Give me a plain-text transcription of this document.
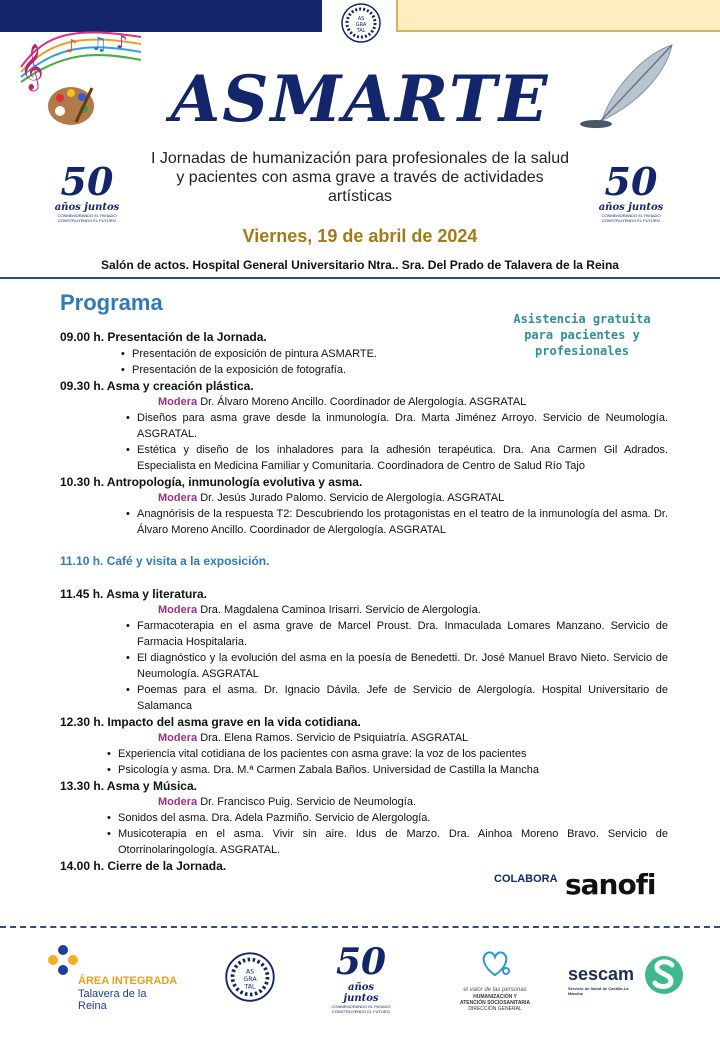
AS
GRA
TAL
𝄞 ♪ ♫ ♪
ASMARTE
50
años juntos
CONMEMORANDO EL PASADO
CONSTRUYENDO EL FUTURO
50
años juntos
CONMEMORANDO EL PASADO
CONSTRUYENDO EL FUTURO
I Jornadas de humanización para profesionales de la salud y pacientes con asma grave a través de actividades artísticas
Viernes, 19 de abril de 2024
Salón de actos. Hospital General Universitario Ntra.. Sra. Del Prado de Talavera de la Reina
Programa
Asistencia gratuita para pacientes y profesionales

09.00 h. Presentación de la Jornada.

• Presentación de exposición de pintura ASMARTE.
• Presentación de la exposición de fotografía.

09.30 h. Asma y creación plástica.

Modera Dr. Álvaro Moreno Ancillo. Coordinador de Alergología. ASGRATAL
• Diseños para asma grave desde la inmunología. Dra. Marta Jiménez Arroyo. Servicio de Neumología. ASGRATAL.
• Estética y diseño de los inhaladores para la adhesión terapéutica. Dra. Ana Carmen Gil Adrados. Especialista en Medicina Familiar y Comunitaria. Coordinadora de Centro de Salud Río Tajo

10.30 h. Antropología, inmunología evolutiva y asma.

Modera Dr. Jesús Jurado Palomo. Servicio de Alergología. ASGRATAL
• Anagnórisis de la respuesta T2: Descubriendo los protagonistas en el teatro de la inmunología del asma. Dr. Álvaro Moreno Ancillo. Coordinador de Alergología. ASGRATAL
11.10 h. Café y visita a la exposición.

11.45 h. Asma y literatura.

Modera Dra. Magdalena Caminoa Irisarri. Servicio de Alergología.
• Farmacoterapia en el asma grave de Marcel Proust. Dra. Inmaculada Lomares Manzano. Servicio de Farmacia Hospitalaria.
• El diagnóstico y la evolución del asma en la poesía de Benedetti. Dr. José Manuel Bravo Nieto. Servicio de Neumología. ASGRATAL
• Poemas para el asma. Dr. Ignacio Dávila. Jefe de Servicio de Alergología. Hospital Universitario de Salamanca

12.30 h. Impacto del asma grave en la vida cotidiana.

Modera Dra. Elena Ramos. Servicio de Psiquiatría. ASGRATAL
• Experiencia vital cotidiana de los pacientes con asma grave: la voz de los pacientes
• Psicología y asma. Dra. M.ª Carmen Zabala Baños. Universidad de Castilla la Mancha

13.30 h. Asma y Música.

Modera Dr. Francisco Puig. Servicio de Neumología.
• Sonidos del asma. Dra. Adela Pazmiño. Servicio de Alergología.
• Musicoterapia en el asma. Vivir sin aire. Idus de Marzo. Dra. Ainhoa Moreno Bravo. Servicio de Otorrinolaringología. ASGRATAL.

14.00 h. Cierre de la Jornada.

COLABORA sanofi
ÁREA INTEGRADA
Talavera de la Reina
AS
GRA
TAL
50
años juntos
CONMEMORANDO EL PASADO
CONSTRUYENDO EL FUTURO
el valor de las personas
HUMANIZACIÓN Y
ATENCIÓN SOCIOSANITARIA
DIRECCIÓN GENERAL
sescam
Servicio de Salud de Castilla-La Mancha
